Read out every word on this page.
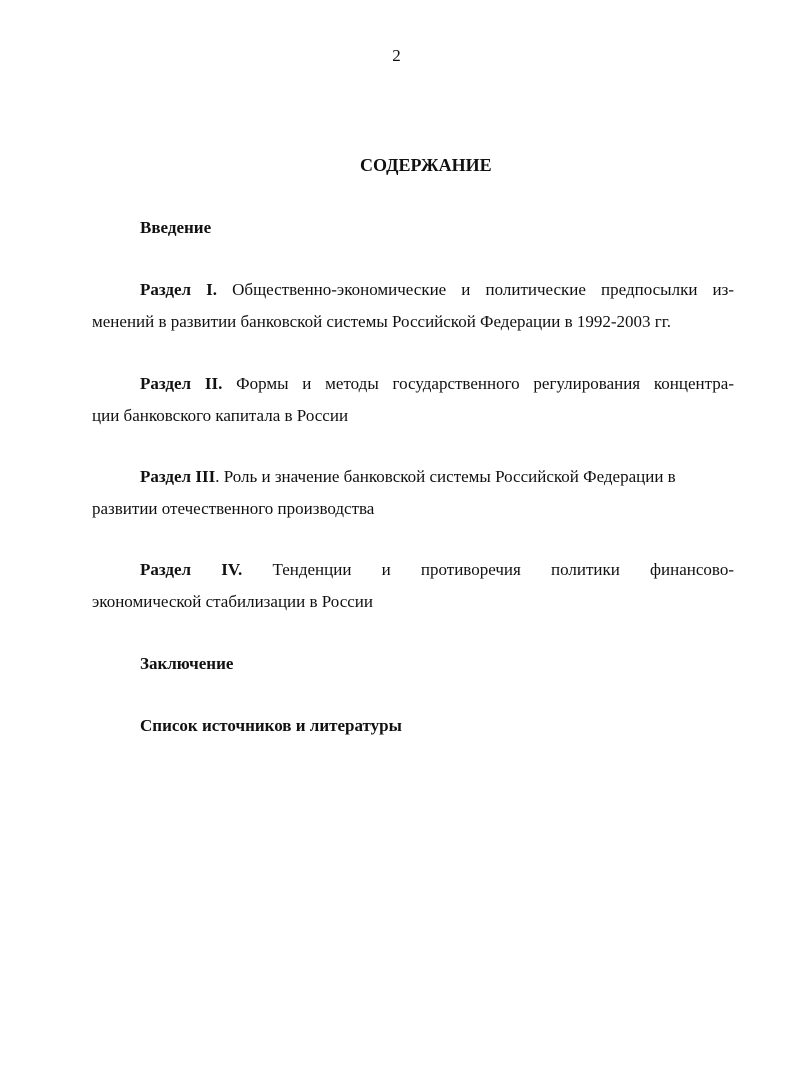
2
СОДЕРЖАНИЕ
Введение
Раздел I. Общественно-экономические и политические предпосылки из-
менений в развитии банковской системы Российской Федерации в 1992-2003 гг.
Раздел II. Формы и методы государственного регулирования концентра-
ции банковского капитала в России
Раздел III. Роль и значение банковской системы Российской Федерации в
развитии отечественного производства
Раздел IV. Тенденции и противоречия политики финансово-
экономической стабилизации в России
Заключение
Список источников и литературы
